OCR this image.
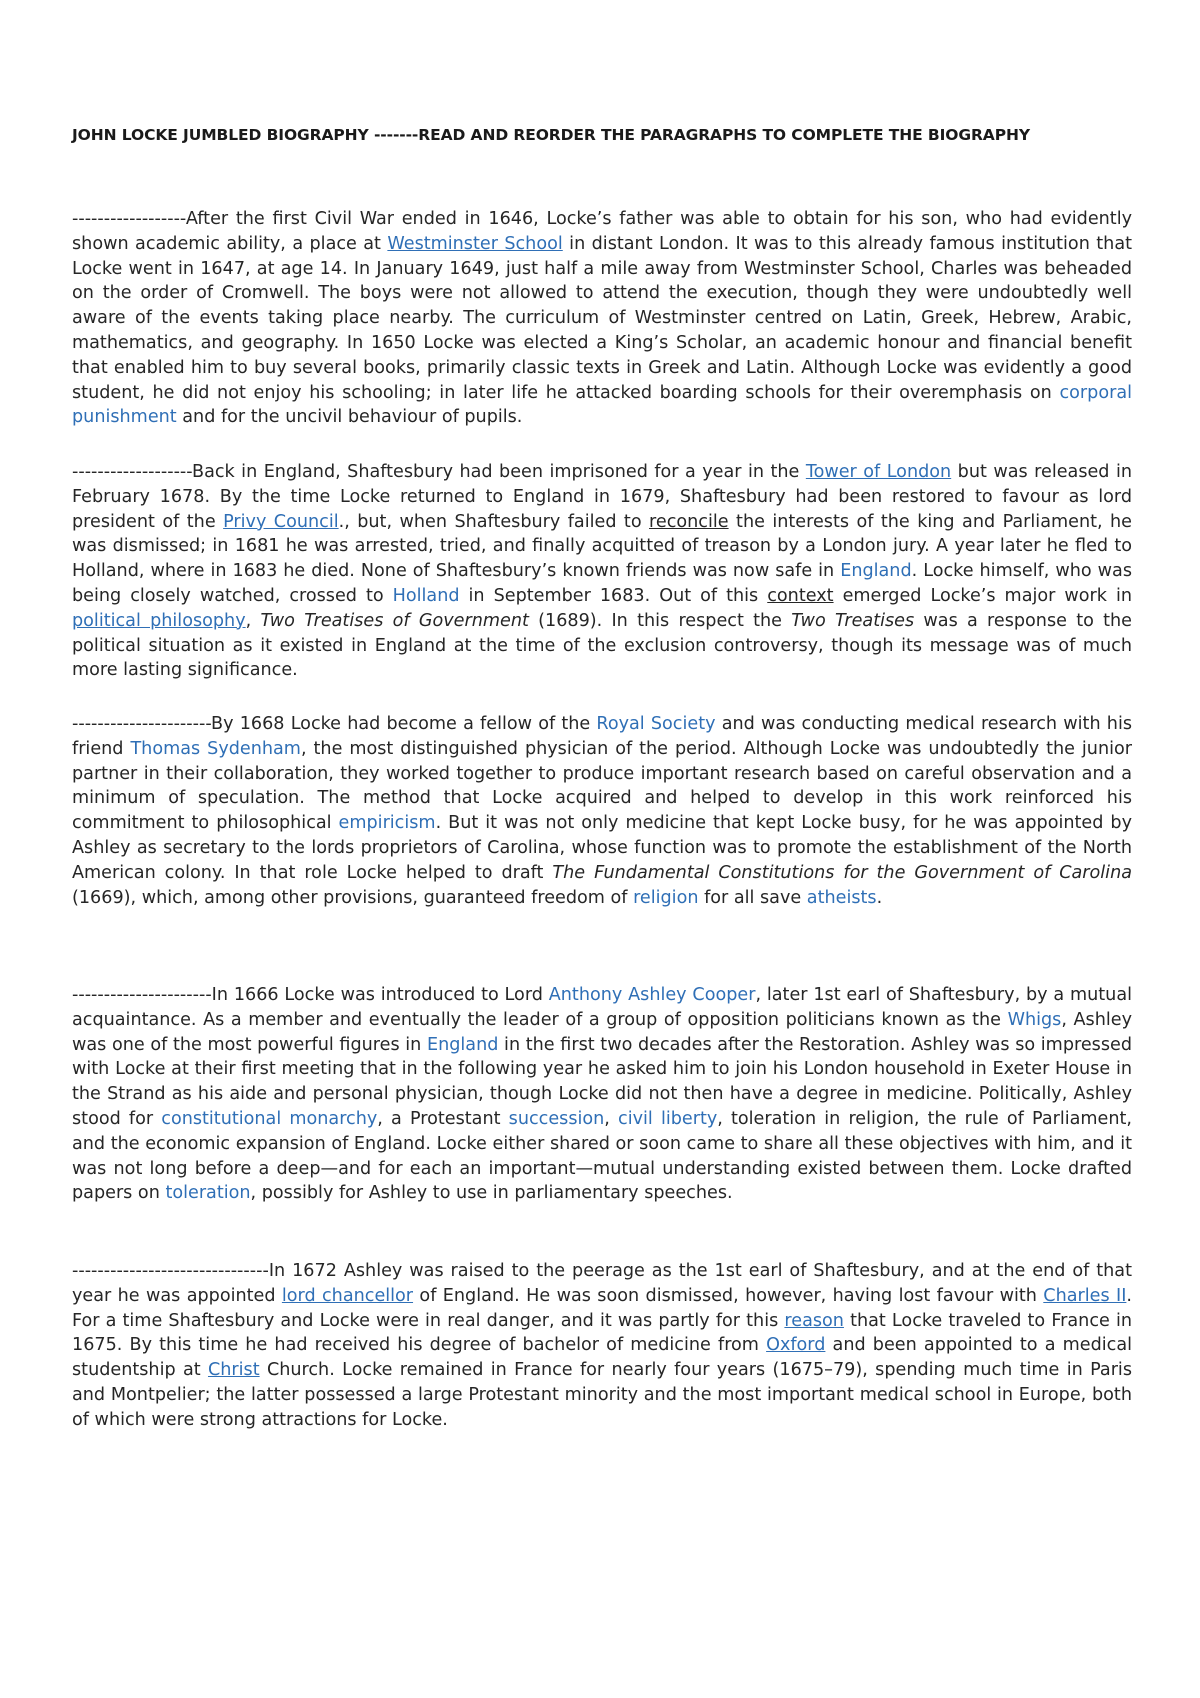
JOHN LOCKE JUMBLED BIOGRAPHY -------READ AND REORDER THE PARAGRAPHS TO COMPLETE THE BIOGRAPHY

------------------After the first Civil War ended in 1646, Locke’s father was able to obtain for his son, who had evidently shown academic ability, a place at Westminster School in distant London. It was to this already famous institution that Locke went in 1647, at age 14. In January 1649, just half a mile away from Westminster School, Charles was beheaded on the order of Cromwell. The boys were not allowed to attend the execution, though they were undoubtedly well aware of the events taking place nearby. The curriculum of Westminster centred on Latin, Greek, Hebrew, Arabic, mathematics, and geography. In 1650 Locke was elected a King’s Scholar, an academic honour and financial benefit that enabled him to buy several books, primarily classic texts in Greek and Latin. Although Locke was evidently a good student, he did not enjoy his schooling; in later life he attacked boarding schools for their overemphasis on corporal punishment and for the uncivil behaviour of pupils.

-------------------Back in England, Shaftesbury had been imprisoned for a year in the Tower of London but was released in February 1678. By the time Locke returned to England in 1679, Shaftesbury had been restored to favour as lord president of the Privy Council., but, when Shaftesbury failed to reconcile the interests of the king and Parliament, he was dismissed; in 1681 he was arrested, tried, and finally acquitted of treason by a London jury. A year later he fled to Holland, where in 1683 he died. None of Shaftesbury’s known friends was now safe in England. Locke himself, who was being closely watched, crossed to Holland in September 1683. Out of this context emerged Locke’s major work in political philosophy, Two Treatises of Government (1689). In this respect the Two Treatises was a response to the political situation as it existed in England at the time of the exclusion controversy, though its message was of much more lasting significance.

----------------------By 1668 Locke had become a fellow of the Royal Society and was conducting medical research with his friend Thomas Sydenham, the most distinguished physician of the period. Although Locke was undoubtedly the junior partner in their collaboration, they worked together to produce important research based on careful observation and a minimum of speculation. The method that Locke acquired and helped to develop in this work reinforced his commitment to philosophical empiricism. But it was not only medicine that kept Locke busy, for he was appointed by Ashley as secretary to the lords proprietors of Carolina, whose function was to promote the establishment of the North American colony. In that role Locke helped to draft The Fundamental Constitutions for the Government of Carolina (1669), which, among other provisions, guaranteed freedom of religion for all save atheists.

----------------------In 1666 Locke was introduced to Lord Anthony Ashley Cooper, later 1st earl of Shaftesbury, by a mutual acquaintance. As a member and eventually the leader of a group of opposition politicians known as the Whigs, Ashley was one of the most powerful figures in England in the first two decades after the Restoration. Ashley was so impressed with Locke at their first meeting that in the following year he asked him to join his London household in Exeter House in the Strand as his aide and personal physician, though Locke did not then have a degree in medicine. Politically, Ashley stood for constitutional monarchy, a Protestant succession, civil liberty, toleration in religion, the rule of Parliament, and the economic expansion of England. Locke either shared or soon came to share all these objectives with him, and it was not long before a deep—and for each an important—mutual understanding existed between them. Locke drafted papers on toleration, possibly for Ashley to use in parliamentary speeches.

-------------------------------In 1672 Ashley was raised to the peerage as the 1st earl of Shaftesbury, and at the end of that year he was appointed lord chancellor of England. He was soon dismissed, however, having lost favour with Charles II. For a time Shaftesbury and Locke were in real danger, and it was partly for this reason that Locke traveled to France in 1675. By this time he had received his degree of bachelor of medicine from Oxford and been appointed to a medical studentship at Christ Church. Locke remained in France for nearly four years (1675–79), spending much time in Paris and Montpelier; the latter possessed a large Protestant minority and the most important medical school in Europe, both of which were strong attractions for Locke.
